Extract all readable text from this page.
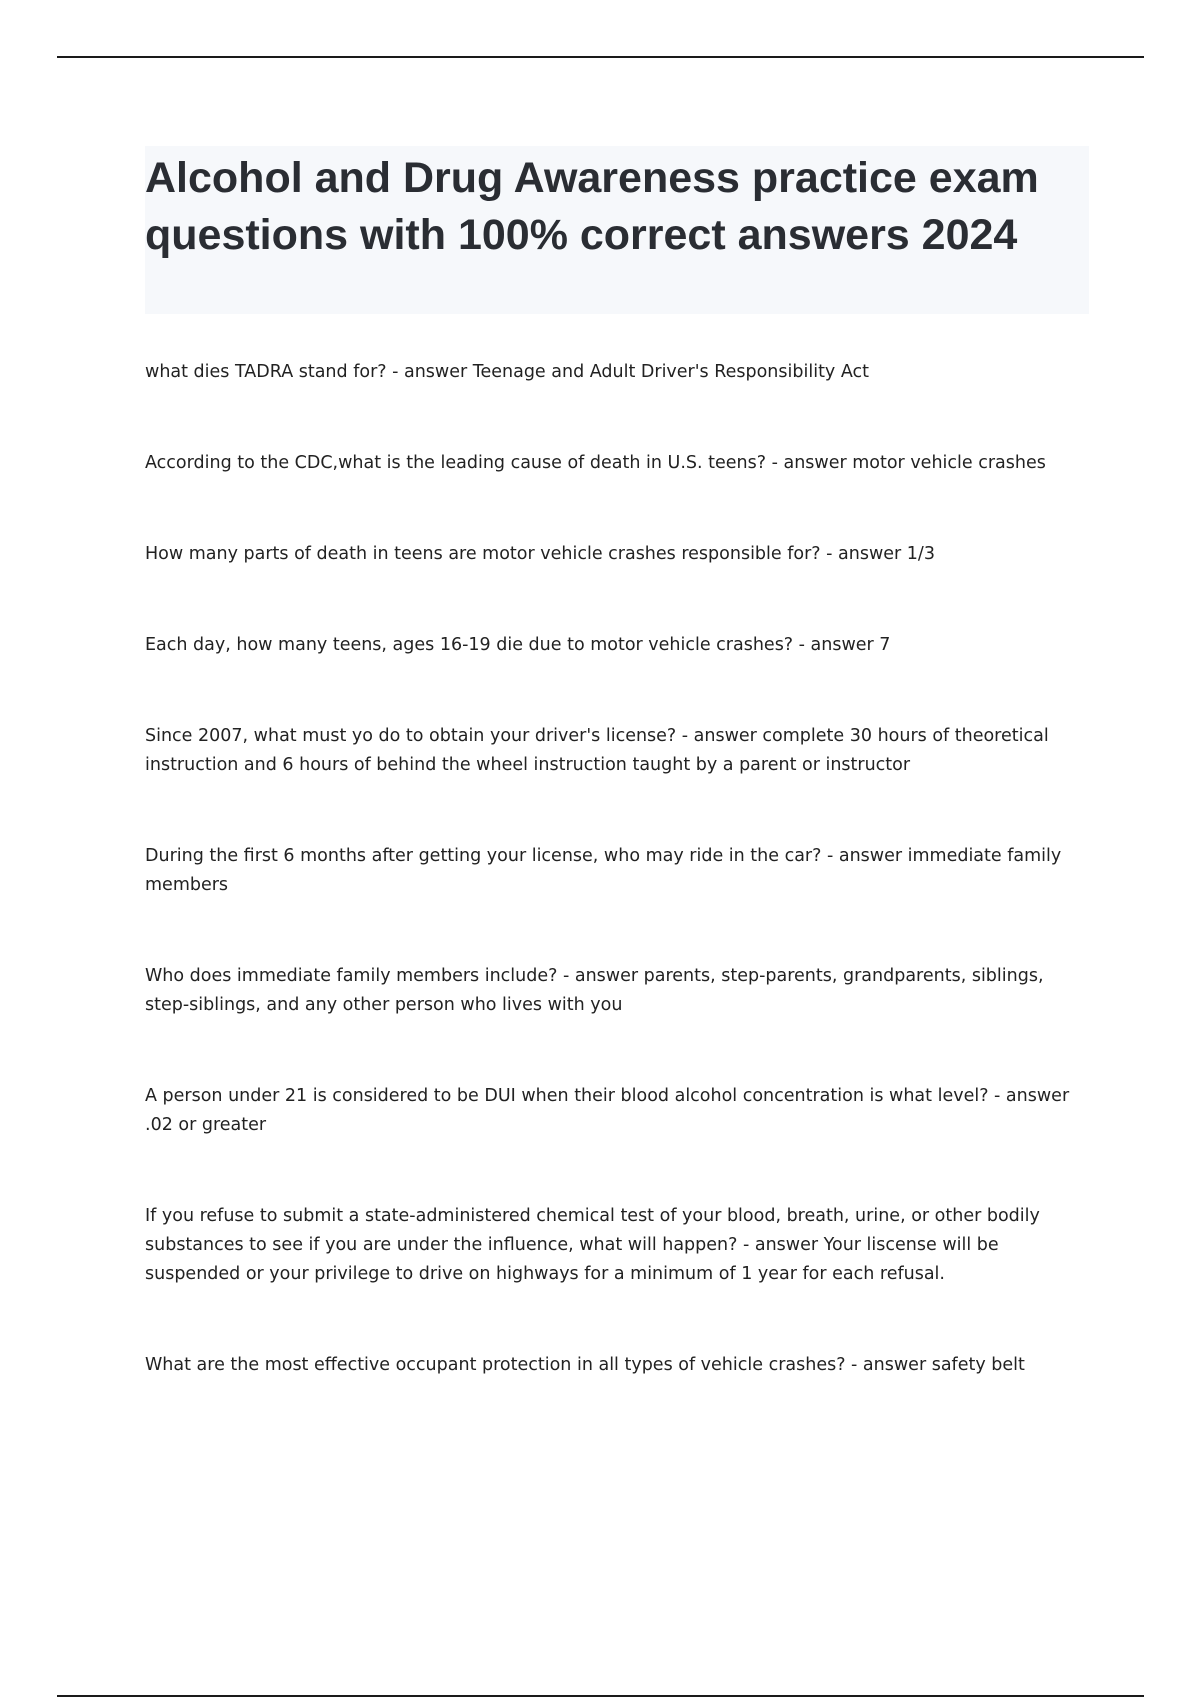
Alcohol and Drug Awareness practice exam questions with 100% correct answers 2024
what dies TADRA stand for? - answer Teenage and Adult Driver's Responsibility Act
According to the CDC,what is the leading cause of death in U.S. teens? - answer motor vehicle crashes
How many parts of death in teens are motor vehicle crashes responsible for? - answer 1/3
Each day, how many teens, ages 16-19 die due to motor vehicle crashes? - answer 7
Since 2007, what must yo do to obtain your driver's license? - answer complete 30 hours of theoretical instruction and 6 hours of behind the wheel instruction taught by a parent or instructor
During the first 6 months after getting your license, who may ride in the car? - answer immediate family members
Who does immediate family members include? - answer parents, step-parents, grandparents, siblings, step-siblings, and any other person who lives with you
A person under 21 is considered to be DUI when their blood alcohol concentration is what level? - answer .02 or greater
If you refuse to submit a state-administered chemical test of your blood, breath, urine, or other bodily substances to see if you are under the influence, what will happen? - answer Your liscense will be suspended or your privilege to drive on highways for a minimum of 1 year for each refusal.
What are the most effective occupant protection in all types of vehicle crashes? - answer safety belt
